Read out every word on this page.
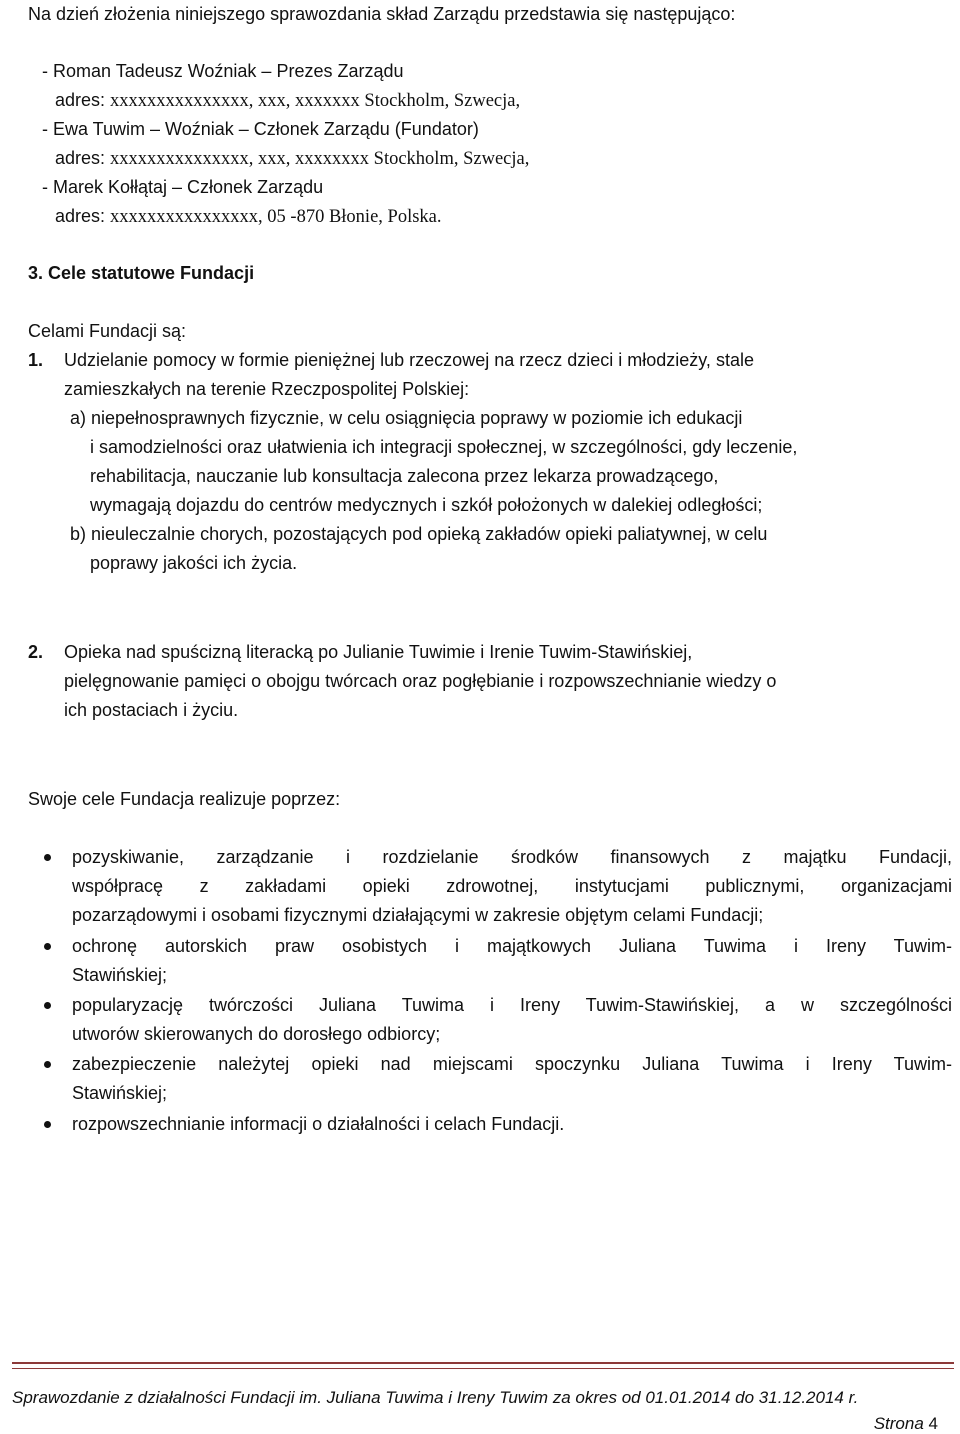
Na dzień złożenia niniejszego sprawozdania skład Zarządu przedstawia się następująco:
- Roman Tadeusz Woźniak – Prezes Zarządu
adres: xxxxxxxxxxxxxxx, xxx, xxxxxxx Stockholm, Szwecja,
- Ewa Tuwim – Woźniak – Członek Zarządu (Fundator)
adres: xxxxxxxxxxxxxxx, xxx, xxxxxxxx Stockholm, Szwecja,
- Marek Kołłątaj – Członek Zarządu
adres: xxxxxxxxxxxxxxxx, 05 -870 Błonie, Polska.
3. Cele statutowe Fundacji
Celami Fundacji są:
1. Udzielanie pomocy w formie pieniężnej lub rzeczowej na rzecz dzieci i młodzieży, stale
zamieszkałych na terenie Rzeczpospolitej Polskiej:
a) niepełnosprawnych fizycznie, w celu osiągnięcia poprawy w poziomie ich edukacji
i samodzielności oraz ułatwienia ich integracji społecznej, w szczególności, gdy leczenie,
rehabilitacja, nauczanie lub konsultacja zalecona przez lekarza prowadzącego,
wymagają dojazdu do centrów medycznych i szkół położonych w dalekiej odległości;
b) nieuleczalnie chorych, pozostających pod opieką zakładów opieki paliatywnej, w celu
poprawy jakości ich życia.
2. Opieka nad spuścizną literacką po Julianie Tuwimie i Irenie Tuwim-Stawińskiej,
pielęgnowanie pamięci o obojgu twórcach oraz pogłębianie i rozpowszechnianie wiedzy o
ich postaciach i życiu.
Swoje cele Fundacja realizuje poprzez:
pozyskiwanie, zarządzanie i rozdzielanie środków finansowych z majątku Fundacji,
współpracę z zakładami opieki zdrowotnej, instytucjami publicznymi, organizacjami
pozarządowymi i osobami fizycznymi działającymi w zakresie objętym celami Fundacji;
ochronę autorskich praw osobistych i majątkowych Juliana Tuwima i Ireny Tuwim-
Stawińskiej;
popularyzację twórczości Juliana Tuwima i Ireny Tuwim-Stawińskiej, a w szczególności
utworów skierowanych do dorosłego odbiorcy;
zabezpieczenie należytej opieki nad miejscami spoczynku Juliana Tuwima i Ireny Tuwim-
Stawińskiej;
rozpowszechnianie informacji o działalności i celach Fundacji.
Sprawozdanie z działalności Fundacji im. Juliana Tuwima i Ireny Tuwim za okres od 01.01.2014 do 31.12.2014 r.
Strona 4
